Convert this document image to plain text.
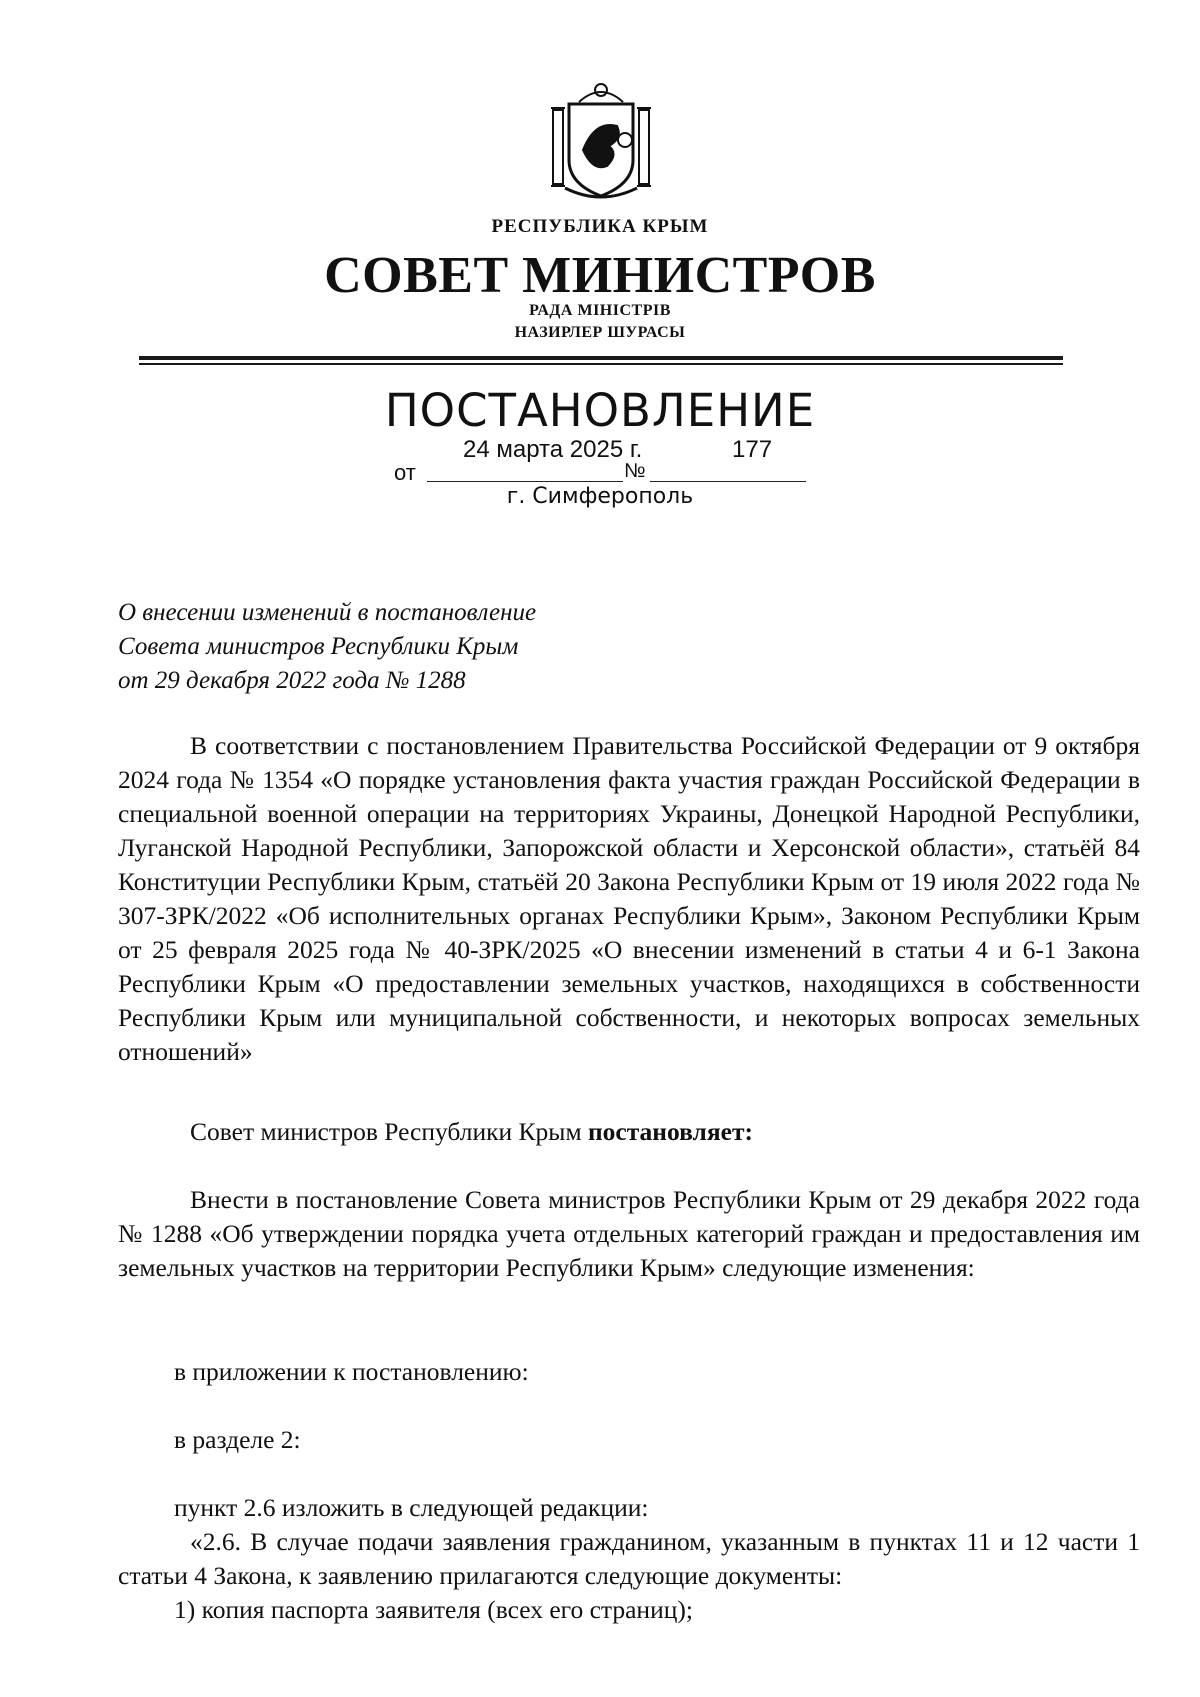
РЕСПУБЛИКА КРЫМ
СОВЕТ МИНИСТРОВ
РАДА МІНІСТРІВ
НАЗИРЛЕР ШУРАСЫ
ПОСТАНОВЛЕНИЕ
24 марта 2025 г.	177
от	№
г. Симферополь
О внесении изменений в постановление
Совета министров Республики Крым
от 29 декабря 2022 года № 1288
В соответствии с постановлением Правительства Российской Федерации от 9 октября 2024 года № 1354 «О порядке установления факта участия граждан Российской Федерации в специальной военной операции на территориях Украины, Донецкой Народной Республики, Луганской Народной Республики, Запорожской области и Херсонской области», статьёй 84 Конституции Республики Крым, статьёй 20 Закона Республики Крым от 19 июля 2022 года № 307-ЗРК/2022 «Об исполнительных органах Республики Крым», Законом Республики Крым от 25 февраля 2025 года № 40-ЗРК/2025 «О внесении изменений в статьи 4 и 6-1 Закона Республики Крым «О предоставлении земельных участков, находящихся в собственности Республики Крым или муниципальной собственности, и некоторых вопросах земельных отношений»
Совет министров Республики Крым постановляет:
Внести в постановление Совета министров Республики Крым от 29 декабря 2022 года № 1288 «Об утверждении порядка учета отдельных категорий граждан и предоставления им земельных участков на территории Республики Крым» следующие изменения:
в приложении к постановлению:
в разделе 2:
пункт 2.6 изложить в следующей редакции:
«2.6. В случае подачи заявления гражданином, указанным в пунктах 11 и 12 части 1 статьи 4 Закона, к заявлению прилагаются следующие документы:
1) копия паспорта заявителя (всех его страниц);
